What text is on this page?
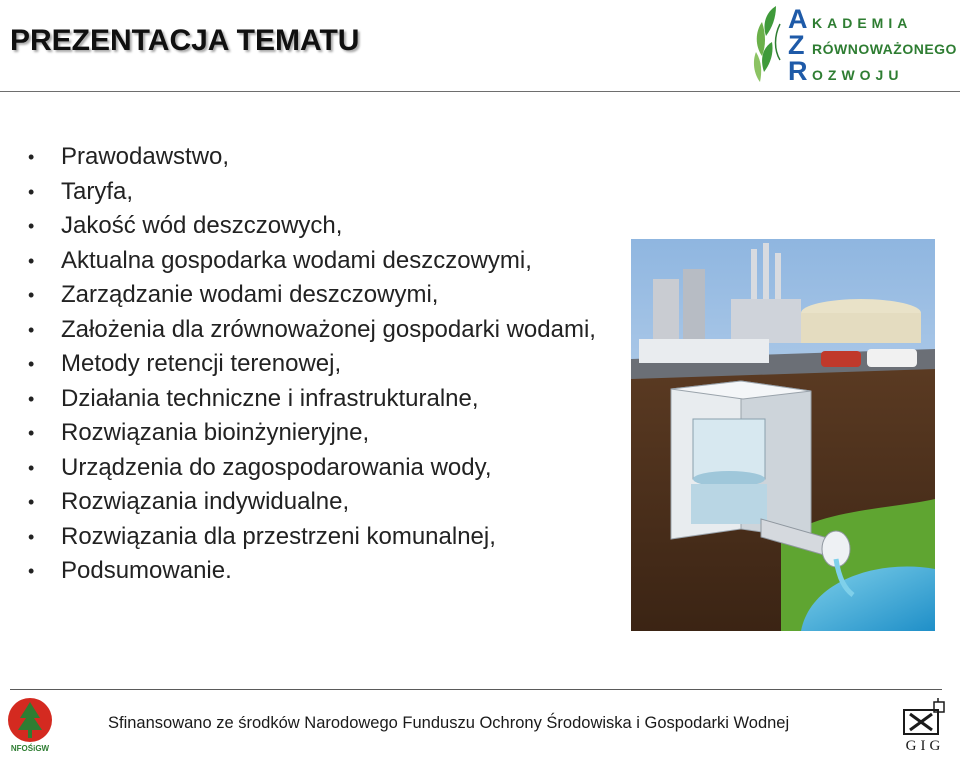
PREZENTACJA TEMATU
AKADEMIA
ZRÓWNOWAŻONEGO
ROZWOJU
• Prawodawstwo,
• Taryfa,
• Jakość wód deszczowych,
• Aktualna gospodarka wodami deszczowymi,
• Zarządzanie wodami deszczowymi,
• Założenia dla zrównoważonej gospodarki wodami,
• Metody retencji terenowej,
• Działania techniczne i infrastrukturalne,
• Rozwiązania bioinżynieryjne,
• Urządzenia do zagospodarowania wody,
• Rozwiązania indywidualne,
• Rozwiązania dla przestrzeni komunalnej,
• Podsumowanie.
NFOŚiGW
Sfinansowano ze środków Narodowego Funduszu Ochrony Środowiska i Gospodarki Wodnej
GIG
